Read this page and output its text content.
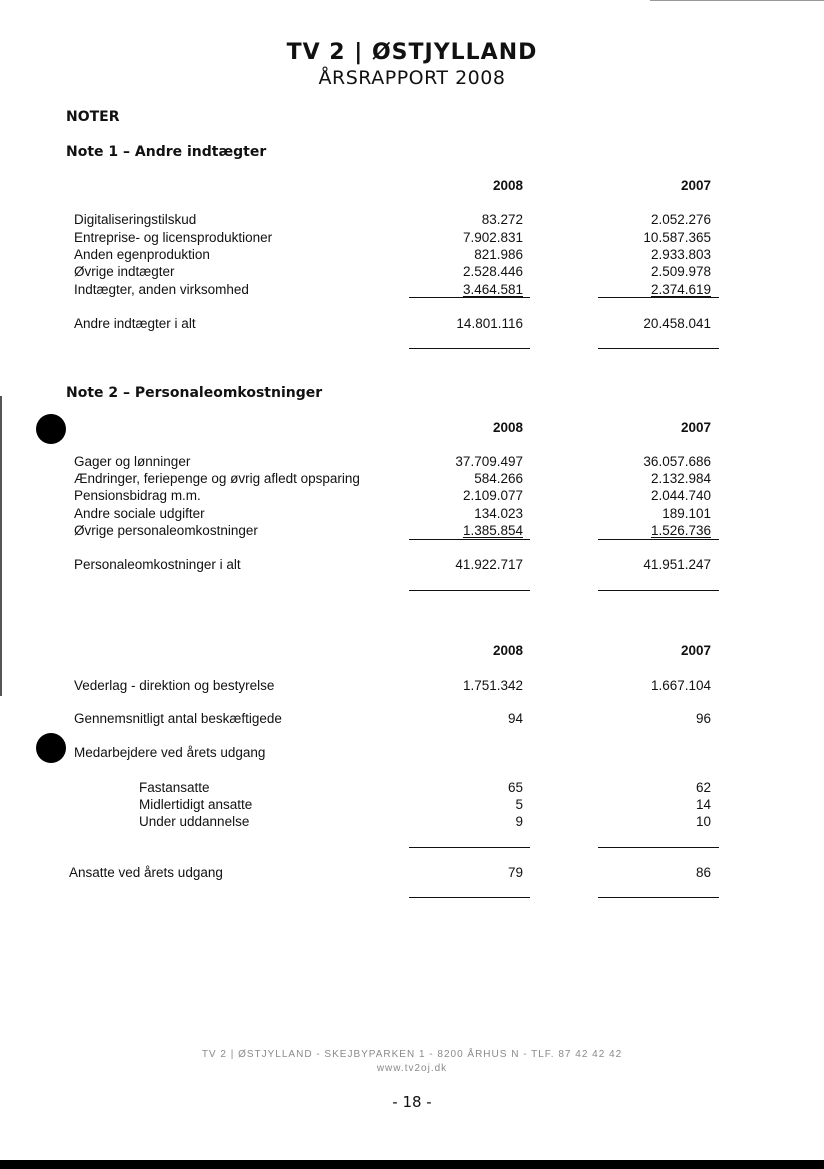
TV 2 | ØSTJYLLAND
ÅRSRAPPORT 2008
NOTER
Note 1 – Andre indtægter
2008	2007
Digitaliseringstilskud	83.272	2.052.276
Entreprise- og licensproduktioner	7.902.831	10.587.365
Anden egenproduktion	821.986	2.933.803
Øvrige indtægter	2.528.446	2.509.978
Indtægter, anden virksomhed	3.464.581	2.374.619
Andre indtægter i alt	14.801.116	20.458.041
Note 2 – Personaleomkostninger
2008	2007
Gager og lønninger	37.709.497	36.057.686
Ændringer, feriepenge og øvrig afledt opsparing	584.266	2.132.984
Pensionsbidrag m.m.	2.109.077	2.044.740
Andre sociale udgifter	134.023	189.101
Øvrige personaleomkostninger	1.385.854	1.526.736
Personaleomkostninger i alt	41.922.717	41.951.247
2008	2007
Vederlag - direktion og bestyrelse	1.751.342	1.667.104
Gennemsnitligt antal beskæftigede	94	96
Medarbejdere ved årets udgang
Fastansatte	65	62
Midlertidigt ansatte	5	14
Under uddannelse	9	10
Ansatte ved årets udgang	79	86
TV 2 | ØSTJYLLAND - SKEJBYPARKEN 1 - 8200 ÅRHUS N - TLF. 87 42 42 42
www.tv2oj.dk
- 18 -
